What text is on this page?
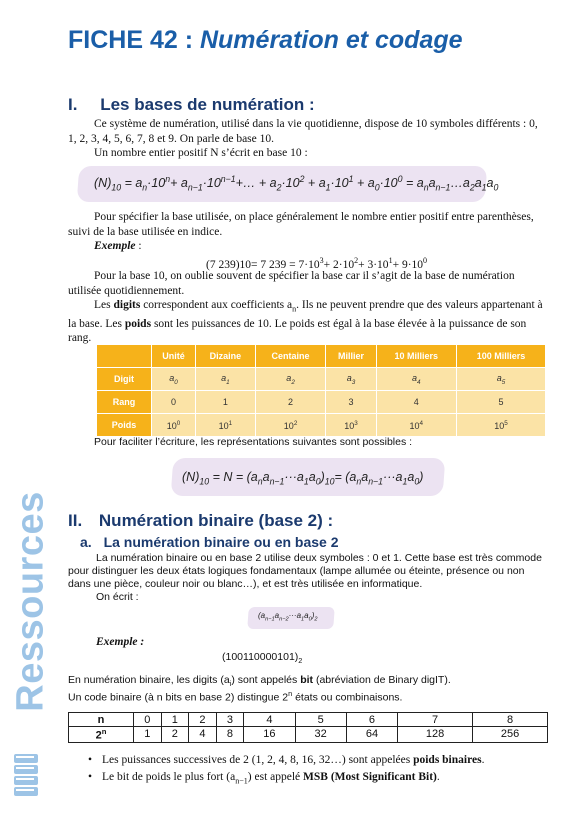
FICHE 42 : Numération et codage
I. Les bases de numération :
Ce système de numération, utilisé dans la vie quotidienne, dispose de 10 symboles différents : 0, 1, 2, 3, 4, 5, 6, 7, 8 et 9. On parle de base 10.
Un nombre entier positif N s’écrit en base 10 :
$(N)_{10} = a_n\cdot 10^n+$ $a_{n-1}\cdot 10^{n-1}+\dots + a_2\cdot 10^2 + a_1\cdot 10^1 + a_0\cdot 10^0$ = $a_na_{n-1}\dots a_2a_1a_0$
Pour spécifier la base utilisée, on place généralement le nombre entier positif entre parenthèses, suivi de la base utilisée en indice.
Exemple :
(7 239)10= 7 $239 = 7\cdot 10^3+ 2\cdot 10^2+ 3\cdot 10^1+ 9\cdot 10^0$
Pour la base 10, on oublie souvent de spécifier la base car il s’agit de la base de numération utilisée quotidiennement.
Les digits correspondent aux coefficients $a_n$. Ils ne peuvent prendre que des valeurs appartenant à la base. Les poids sont les puissances de 10. Le poids est égal à la base élevée à la puissance de son rang.
	Unité	Dizaine	Centaine	Millier	10 Milliers	100 Milliers
Digit	$a_0$	$a_1$	$a_2$	$a_3$	$a_4$	$a_5$
Rang	0	1	2	3	4	5
Poids	$10^0$	$10^1$	$10^2$	$10^3$	$10^4$	$10^5$
Pour faciliter l’écriture, les représentations suivantes sont possibles :
$(N)_{10} = N = (a_na_{n-1}\cdot\cdot\cdot a_1a_0)_{10}= (a_na_{n-1}\cdot\cdot\cdot a_1a_0)$
II. Numération binaire (base 2) :
a. La numération binaire ou en base 2
La numération binaire ou en base 2 utilise deux symboles : 0 et 1. Cette base est très commode pour distinguer les deux états logiques fondamentaux (lampe allumée ou éteinte, présence ou non dans une pièce, couleur noir ou blanc…), et est très utilisée en informatique.
On écrit :
$(a_{n-1}a_{n-2}\cdot\cdot\cdot a_1a_0)_2$
Exemple :
$(100110000101)_2$
En numération binaire, les digits $(a_i)$ sont appelés bit (abréviation de Binary digIT).
Un code binaire (à n bits en base 2) distingue 2$^n$ états ou combinaisons.
n	0	1	2	3	4	5	6	7	8
2$^n$	1	2	4	8	16	32	64	128	256
• Les puissances successives de 2 (1, 2, 4, 8, 16, 32…) sont appelées poids binaires.
• Le bit de poids le plus fort $(a_{n-1})$ est appelé MSB (Most Significant Bit).
Ressources
